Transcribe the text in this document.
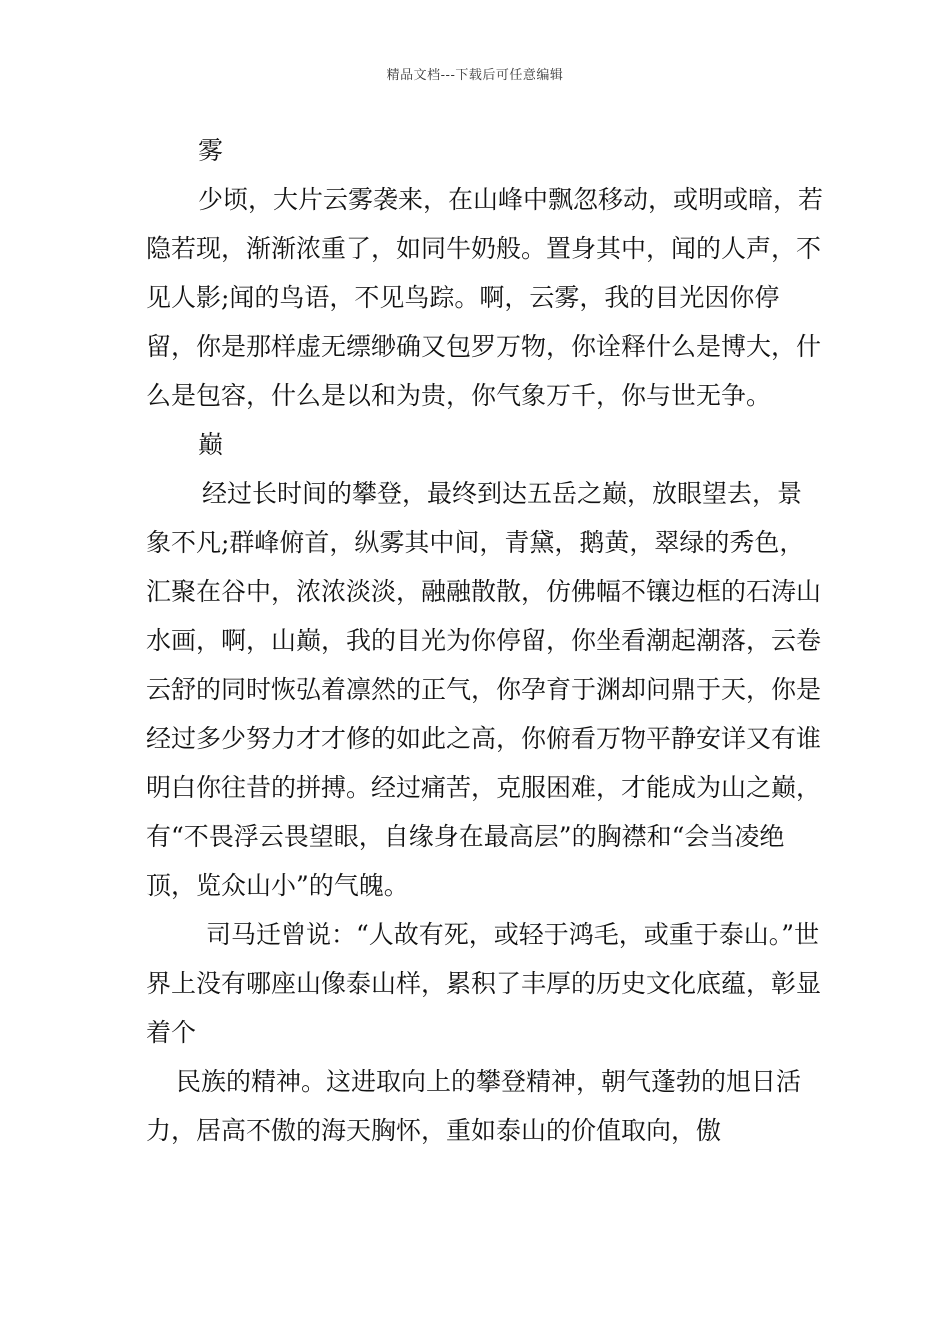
精品文档---下载后可任意编辑

雾

少顷，大片云雾袭来，在山峰中飘忽移动，或明或暗，若隐若现，渐渐浓重了，如同牛奶般。置身其中，闻的人声，不见人影;闻的鸟语，不见鸟踪。啊，云雾，我的目光因你停留，你是那样虚无缥缈确又包罗万物，你诠释什么是博大，什么是包容，什么是以和为贵，你气象万千，你与世无争。

巅

经过长时间的攀登，最终到达五岳之巅，放眼望去，景象不凡;群峰俯首，纵雾其中间，青黛，鹅黄，翠绿的秀色，汇聚在谷中，浓浓淡淡，融融散散，仿佛幅不镶边框的石涛山水画，啊，山巅，我的目光为你停留，你坐看潮起潮落，云卷云舒的同时恢弘着凛然的正气，你孕育于渊却问鼎于天，你是经过多少努力才才修的如此之高，你俯看万物平静安详又有谁明白你往昔的拼搏。经过痛苦，克服困难，才能成为山之巅，有“不畏浮云畏望眼，自缘身在最高层”的胸襟和“会当凌绝顶，览众山小”的气魄。

司马迁曾说：“人故有死，或轻于鸿毛，或重于泰山。”世界上没有哪座山像泰山样，累积了丰厚的历史文化底蕴，彰显着个

民族的精神。这进取向上的攀登精神，朝气蓬勃的旭日活力，居高不傲的海天胸怀，重如泰山的价值取向，傲
